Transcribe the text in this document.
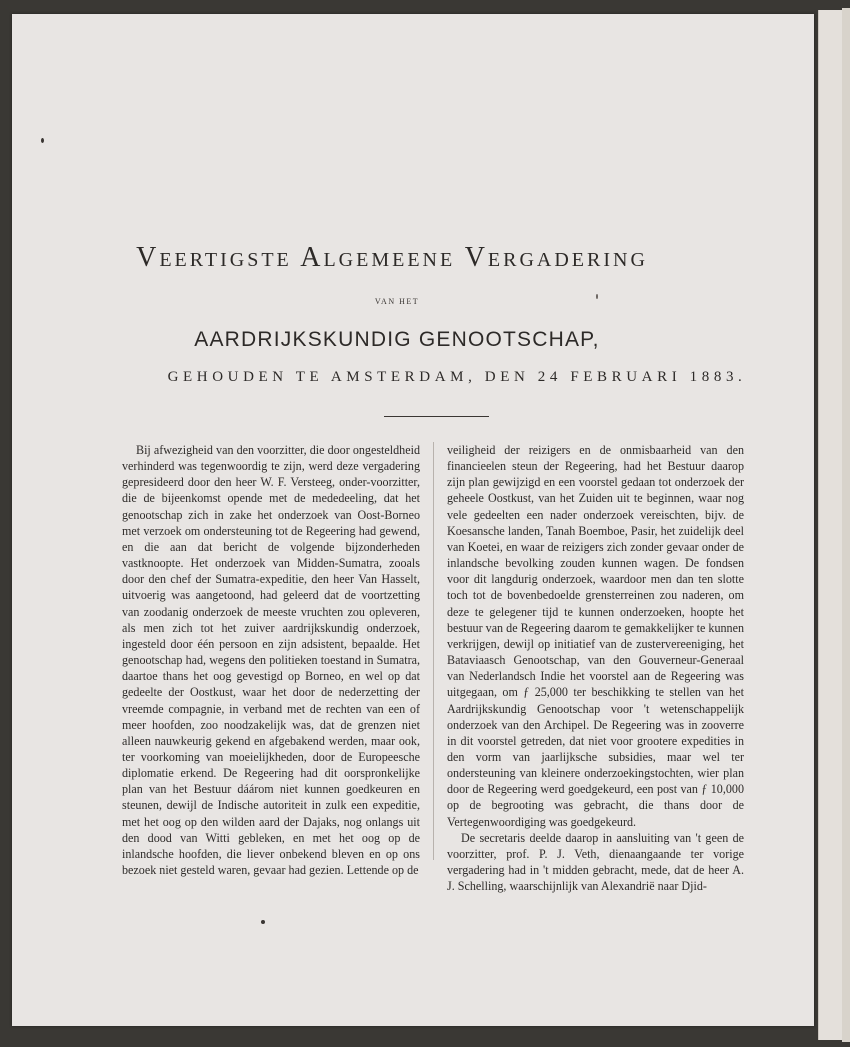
Veertigste Algemeene Vergadering
VAN HET
AARDRIJKSKUNDIG GENOOTSCHAP,
GEHOUDEN TE AMSTERDAM, DEN 24 FEBRUARI 1883.

Bij afwezigheid van den voorzitter, die door ongesteldheid verhinderd was tegenwoordig te zijn, werd deze vergadering gepresideerd door den heer W. F. Versteeg, onder-voorzitter, die de bijeenkomst opende met de mededeeling, dat het genootschap zich in zake het onderzoek van Oost-Borneo met verzoek om ondersteuning tot de Regeering had gewend, en die aan dat bericht de volgende bijzonderheden vastknoopte. Het onderzoek van Midden-Sumatra, zooals door den chef der Sumatra-expeditie, den heer Van Hasselt, uitvoerig was aangetoond, had geleerd dat de voortzetting van zoodanig onderzoek de meeste vruchten zou opleveren, als men zich tot het zuiver aardrijkskundig onderzoek, ingesteld door één persoon en zijn adsistent, bepaalde. Het genootschap had, wegens den politieken toestand in Sumatra, daartoe thans het oog gevestigd op Borneo, en wel op dat gedeelte der Oostkust, waar het door de nederzetting der vreemde compagnie, in verband met de rechten van een of meer hoofden, zoo noodzakelijk was, dat de grenzen niet alleen nauwkeurig gekend en afgebakend werden, maar ook, ter voorkoming van moeielijkheden, door de Europeesche diplomatie erkend. De Regeering had dit oorspronkelijke plan van het Bestuur dáárom niet kunnen goedkeuren en steunen, dewijl de Indische autoriteit in zulk een expeditie, met het oog op den wilden aard der Dajaks, nog onlangs uit den dood van Witti gebleken, en met het oog op de inlandsche hoofden, die liever onbekend bleven en op ons bezoek niet gesteld waren, gevaar had gezien. Lettende op de

veiligheid der reizigers en de onmisbaarheid van den financieelen steun der Regeering, had het Bestuur daarop zijn plan gewijzigd en een voorstel gedaan tot onderzoek der geheele Oostkust, van het Zuiden uit te beginnen, waar nog vele gedeelten een nader onderzoek vereischten, bijv. de Koesansche landen, Tanah Boemboe, Pasir, het zuidelijk deel van Koetei, en waar de reizigers zich zonder gevaar onder de inlandsche bevolking zouden kunnen wagen. De fondsen voor dit langdurig onderzoek, waardoor men dan ten slotte toch tot de bovenbedoelde grensterreinen zou naderen, om deze te gelegener tijd te kunnen onderzoeken, hoopte het bestuur van de Regeering daarom te gemakkelijker te kunnen verkrijgen, dewijl op initiatief van de zustervereeniging, het Bataviaasch Genootschap, van den Gouverneur-Generaal van Nederlandsch Indie het voorstel aan de Regeering was uitgegaan, om ƒ 25,000 ter beschikking te stellen van het Aardrijkskundig Genootschap voor 't wetenschappelijk onderzoek van den Archipel. De Regeering was in zooverre in dit voorstel getreden, dat niet voor grootere expedities in den vorm van jaarlijksche subsidies, maar wel ter ondersteuning van kleinere onderzoekingstochten, wier plan door de Regeering werd goedgekeurd, een post van ƒ 10,000 op de begrooting was gebracht, die thans door de Vertegenwoordiging was goedgekeurd.

De secretaris deelde daarop in aansluiting van 't geen de voorzitter, prof. P. J. Veth, dienaangaande ter vorige vergadering had in 't midden gebracht, mede, dat de heer A. J. Schelling, waarschijnlijk van Alexandrië naar Djid-
